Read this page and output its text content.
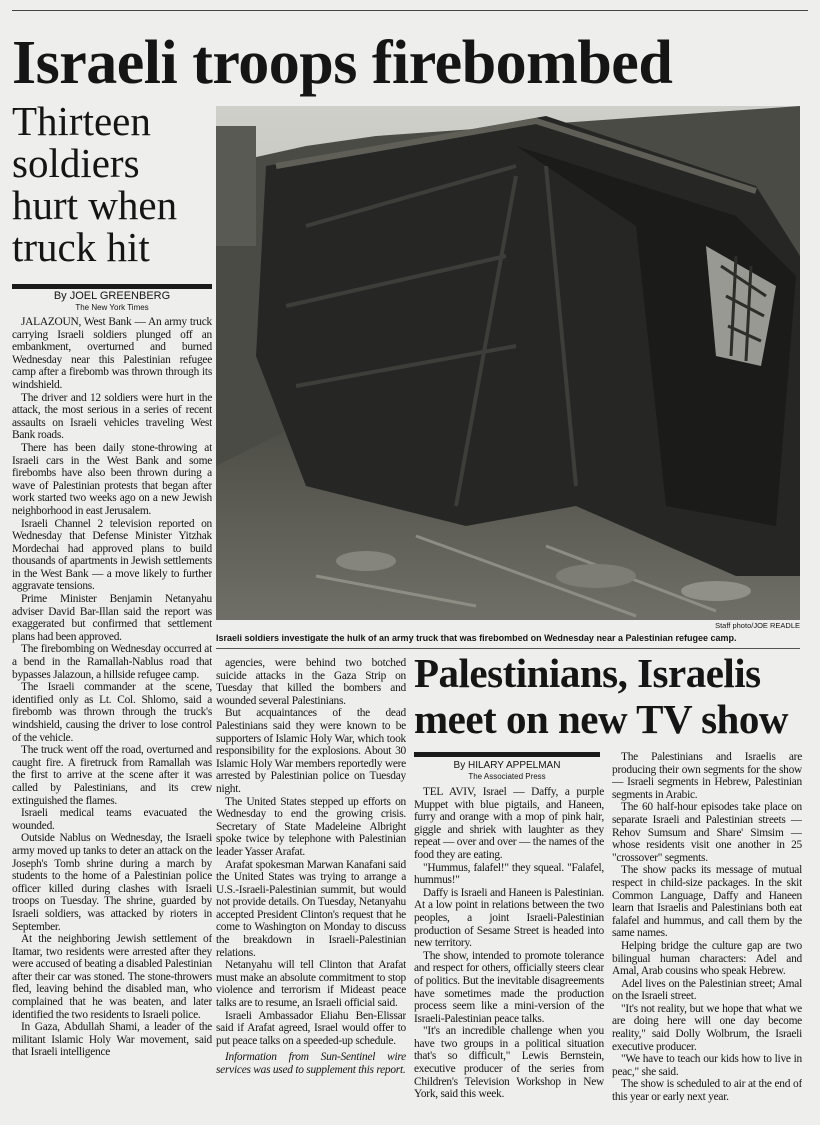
Israeli troops firebombed
Thirteen soldiers hurt when truck hit
By JOEL GREENBERG
The New York Times

JALAZOUN, West Bank — An army truck carrying Israeli soldiers plunged off an embankment, overturned and burned Wednesday near this Palestinian refugee camp after a firebomb was thrown through its windshield.

The driver and 12 soldiers were hurt in the attack, the most serious in a series of recent assaults on Israeli vehicles traveling West Bank roads.

There has been daily stone-throwing at Israeli cars in the West Bank and some firebombs have also been thrown during a wave of Palestinian protests that began after work started two weeks ago on a new Jewish neighborhood in east Jerusalem.

Israeli Channel 2 television reported on Wednesday that Defense Minister Yitzhak Mordechai had approved plans to build thousands of apartments in Jewish settlements in the West Bank — a move likely to further aggravate tensions.

Prime Minister Benjamin Netanyahu adviser David Bar-Illan said the report was exaggerated but confirmed that settlement plans had been approved.

The firebombing on Wednesday occurred at a bend in the Ramallah-Nablus road that bypasses Jalazoun, a hillside refugee camp.

The Israeli commander at the scene, identified only as Lt. Col. Shlomo, said a firebomb was thrown through the truck's windshield, causing the driver to lose control of the vehicle.

The truck went off the road, overturned and caught fire. A firetruck from Ramallah was the first to arrive at the scene after it was called by Palestinians, and its crew extinguished the flames.

Israeli medical teams evacuated the wounded.

Outside Nablus on Wednesday, the Israeli army moved up tanks to deter an attack on the Joseph's Tomb shrine during a march by students to the home of a Palestinian police officer killed during clashes with Israeli troops on Tuesday. The shrine, guarded by Israeli soldiers, was attacked by rioters in September.

At the neighboring Jewish settlement of Itamar, two residents were arrested after they were accused of beating a disabled Palestinian after their car was stoned. The stone-throwers fled, leaving behind the disabled man, who complained that he was beaten, and later identified the two residents to Israeli police.

In Gaza, Abdullah Shami, a leader of the militant Islamic Holy War movement, said that Israeli intelligence

Staff photo/JOE READLE
Israeli soldiers investigate the hulk of an army truck that was firebombed on Wednesday near a Palestinian refugee camp.

agencies, were behind two botched suicide attacks in the Gaza Strip on Tuesday that killed the bombers and wounded several Palestinians.

But acquaintances of the dead Palestinians said they were known to be supporters of Islamic Holy War, which took responsibility for the explosions. About 30 Islamic Holy War members reportedly were arrested by Palestinian police on Tuesday night.

The United States stepped up efforts on Wednesday to end the growing crisis. Secretary of State Madeleine Albright spoke twice by telephone with Palestinian leader Yasser Arafat.

Arafat spokesman Marwan Kanafani said the United States was trying to arrange a U.S.-Israeli-Palestinian summit, but would not provide details. On Tuesday, Netanyahu accepted President Clinton's request that he come to Washington on Monday to discuss the breakdown in Israeli-Palestinian relations.

Netanyahu will tell Clinton that Arafat must make an absolute commitment to stop violence and terrorism if Mideast peace talks are to resume, an Israeli official said.

Israeli Ambassador Eliahu Ben-Elissar said if Arafat agreed, Israel would offer to put peace talks on a speeded-up schedule.

Information from Sun-Sentinel wire services was used to supplement this report.

Palestinians, Israelis meet on new TV show
By HILARY APPELMAN
The Associated Press

TEL AVIV, Israel — Daffy, a purple Muppet with blue pigtails, and Haneen, furry and orange with a mop of pink hair, giggle and shriek with laughter as they repeat — over and over — the names of the food they are eating.

"Hummus, falafel!" they squeal. "Falafel, hummus!"

Daffy is Israeli and Haneen is Palestinian. At a low point in relations between the two peoples, a joint Israeli-Palestinian production of Sesame Street is headed into new territory.

The show, intended to promote tolerance and respect for others, officially steers clear of politics. But the inevitable disagreements have sometimes made the production process seem like a mini-version of the Israeli-Palestinian peace talks.

"It's an incredible challenge when you have two groups in a political situation that's so difficult," Lewis Bernstein, executive producer of the series from Children's Television Workshop in New York, said this week.

The Palestinians and Israelis are producing their own segments for the show — Israeli segments in Hebrew, Palestinian segments in Arabic.

The 60 half-hour episodes take place on separate Israeli and Palestinian streets — Rehov Sumsum and Share' Simsim — whose residents visit one another in 25 "crossover" segments.

The show packs its message of mutual respect in child-size packages. In the skit Common Language, Daffy and Haneen learn that Israelis and Palestinians both eat falafel and hummus, and call them by the same names.

Helping bridge the culture gap are two bilingual human characters: Adel and Amal, Arab cousins who speak Hebrew.

Adel lives on the Palestinian street; Amal on the Israeli street.

"It's not reality, but we hope that what we are doing here will one day become reality," said Dolly Wolbrum, the Israeli executive producer.

"We have to teach our kids how to live in peac," she said.

The show is scheduled to air at the end of this year or early next year.
